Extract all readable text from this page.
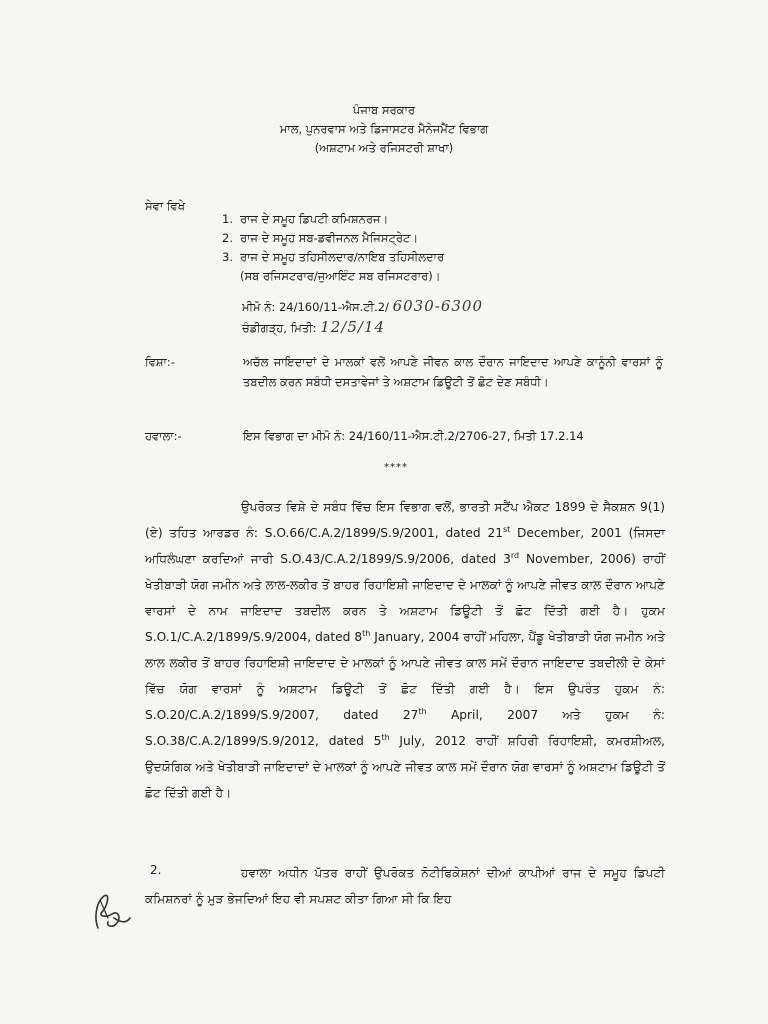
ਪੰਜਾਬ ਸਰਕਾਰ
ਮਾਲ, ਪੁਨਰਵਾਸ ਅਤੇ ਡਿਜਾਸਟਰ ਮੈਨੇਜਮੈਂਟ ਵਿਭਾਗ
(ਅਸ਼ਟਾਮ ਅਤੇ ਰਜਿਸਟਰੀ ਸ਼ਾਖਾ)
ਸੇਵਾ ਵਿਖੇ
1. ਰਾਜ ਦੇ ਸਮੂਹ ਡਿਪਟੀ ਕਮਿਸ਼ਨਰਜ।
2. ਰਾਜ ਦੇ ਸਮੂਹ ਸਬ-ਡਵੀਜਨਲ ਮੈਜਿਸਟ੍ਰੇਟ।
3. ਰਾਜ ਦੇ ਸਮੂਹ ਤਹਿਸੀਲਦਾਰ/ਨਾਇਬ ਤਹਿਸੀਲਦਾਰ
(ਸਬ ਰਜਿਸਟਰਾਰ/ਜੁਆਇੰਟ ਸਬ ਰਜਿਸਟਰਾਰ)।
ਮੀਮੋ ਨੰ: 24/160/11-ਐਸ.ਟੀ.2/ 6030-6300
ਚੰਡੀਗੜ੍ਹ, ਮਿਤੀ: 12/5/14
ਵਿਸ਼ਾ:-	ਅਚੱਲ ਜਾਇਦਾਦਾਂ ਦੇ ਮਾਲਕਾਂ ਵਲੋਂ ਆਪਣੇ ਜੀਵਨ ਕਾਲ ਦੌਰਾਨ ਜਾਇਦਾਦ ਆਪਣੇ ਕਾਨੂੰਨੀ ਵਾਰਸਾਂ ਨੂੰ ਤਬਦੀਲ ਕਰਨ ਸਬੰਧੀ ਦਸਤਾਵੇਜਾਂ ਤੇ ਅਸ਼ਟਾਮ ਡਿਊਟੀ ਤੋਂ ਛੋਟ ਦੇਣ ਸਬੰਧੀ।
ਹਵਾਲਾ:-	ਇਸ ਵਿਭਾਗ ਦਾ ਮੀਮੋ ਨੰ: 24/160/11-ਐਸ.ਟੀ.2/2706-27, ਮਿਤੀ 17.2.14
****
ਉਪਰੋਕਤ ਵਿਸ਼ੇ ਦੇ ਸਬੰਧ ਵਿੱਚ ਇਸ ਵਿਭਾਗ ਵਲੋਂ, ਭਾਰਤੀ ਸਟੈਂਪ ਐਕਟ 1899 ਦੇ ਸੈਕਸ਼ਨ 9(1) (ਏ) ਤਹਿਤ ਆਰਡਰ ਨੰ: S.O.66/C.A.2/1899/S.9/2001, dated 21st December, 2001 (ਜਿਸਦਾ ਅਧਿਲੰਘਣਾ ਕਰਦਿਆਂ ਜਾਰੀ S.O.43/C.A.2/1899/S.9/2006, dated 3rd November, 2006) ਰਾਹੀਂ ਖੇਤੀਬਾੜੀ ਯੋਗ ਜਮੀਨ ਅਤੇ ਲਾਲ-ਲਕੀਰ ਤੋਂ ਬਾਹਰ ਰਿਹਾਇਸ਼ੀ ਜਾਇਦਾਦ ਦੇ ਮਾਲਕਾਂ ਨੂੰ ਆਪਣੇ ਜੀਵਤ ਕਾਲ ਦੌਰਾਨ ਆਪਣੇ ਵਾਰਸਾਂ ਦੇ ਨਾਮ ਜਾਇਦਾਦ ਤਬਦੀਲ ਕਰਨ ਤੇ ਅਸ਼ਟਾਮ ਡਿਊਟੀ ਤੋਂ ਛੋਟ ਦਿੱਤੀ ਗਈ ਹੈ। ਹੁਕਮ S.O.1/C.A.2/1899/S.9/2004, dated 8th January, 2004 ਰਾਹੀਂ ਮਹਿਲਾ, ਪੈਂਡੂ ਖੇਤੀਬਾੜੀ ਯੋਗ ਜਮੀਨ ਅਤੇ ਲਾਲ ਲਕੀਰ ਤੋਂ ਬਾਹਰ ਰਿਹਾਇਸ਼ੀ ਜਾਇਦਾਦ ਦੇ ਮਾਲਕਾਂ ਨੂੰ ਆਪਣੇ ਜੀਵਤ ਕਾਲ ਸਮੇਂ ਦੌਰਾਨ ਜਾਇਦਾਦ ਤਬਦੀਲੀ ਦੇ ਕੇਸਾਂ ਵਿੱਚ ਯੋਗ ਵਾਰਸਾਂ ਨੂੰ ਅਸ਼ਟਾਮ ਡਿਊਟੀ ਤੋਂ ਛੋਟ ਦਿੱਤੀ ਗਈ ਹੈ। ਇਸ ਉਪਰੰਤ ਹੁਕਮ ਨੰ: S.O.20/C.A.2/1899/S.9/2007, dated 27th April, 2007 ਅਤੇ ਹੁਕਮ ਨੰ: S.O.38/C.A.2/1899/S.9/2012, dated 5th July, 2012 ਰਾਹੀਂ ਸ਼ਹਿਰੀ ਰਿਹਾਇਸ਼ੀ, ਕਮਰਸ਼ੀਅਲ, ਉਦਯੋਗਿਕ ਅਤੇ ਖੇਤੀਬਾੜੀ ਜਾਇਦਾਦਾਂ ਦੇ ਮਾਲਕਾਂ ਨੂੰ ਆਪਣੇ ਜੀਵਤ ਕਾਲ ਸਮੇਂ ਦੌਰਾਨ ਯੋਗ ਵਾਰਸਾਂ ਨੂੰ ਅਸ਼ਟਾਮ ਡਿਊਟੀ ਤੋਂ ਛੋਟ ਦਿੱਤੀ ਗਈ ਹੈ।
2.	ਹਵਾਲਾ ਅਧੀਨ ਪੱਤਰ ਰਾਹੀਂ ਉਪਰੋਕਤ ਨੋਟੀਫਿਕੇਸ਼ਨਾਂ ਦੀਆਂ ਕਾਪੀਆਂ ਰਾਜ ਦੇ ਸਮੂਹ ਡਿਪਟੀ ਕਮਿਸ਼ਨਰਾਂ ਨੂੰ ਮੁੜ ਭੇਜਦਿਆਂ ਇਹ ਵੀ ਸਪਸ਼ਟ ਕੀਤਾ ਗਿਆ ਸੀ ਕਿ ਇਹ
